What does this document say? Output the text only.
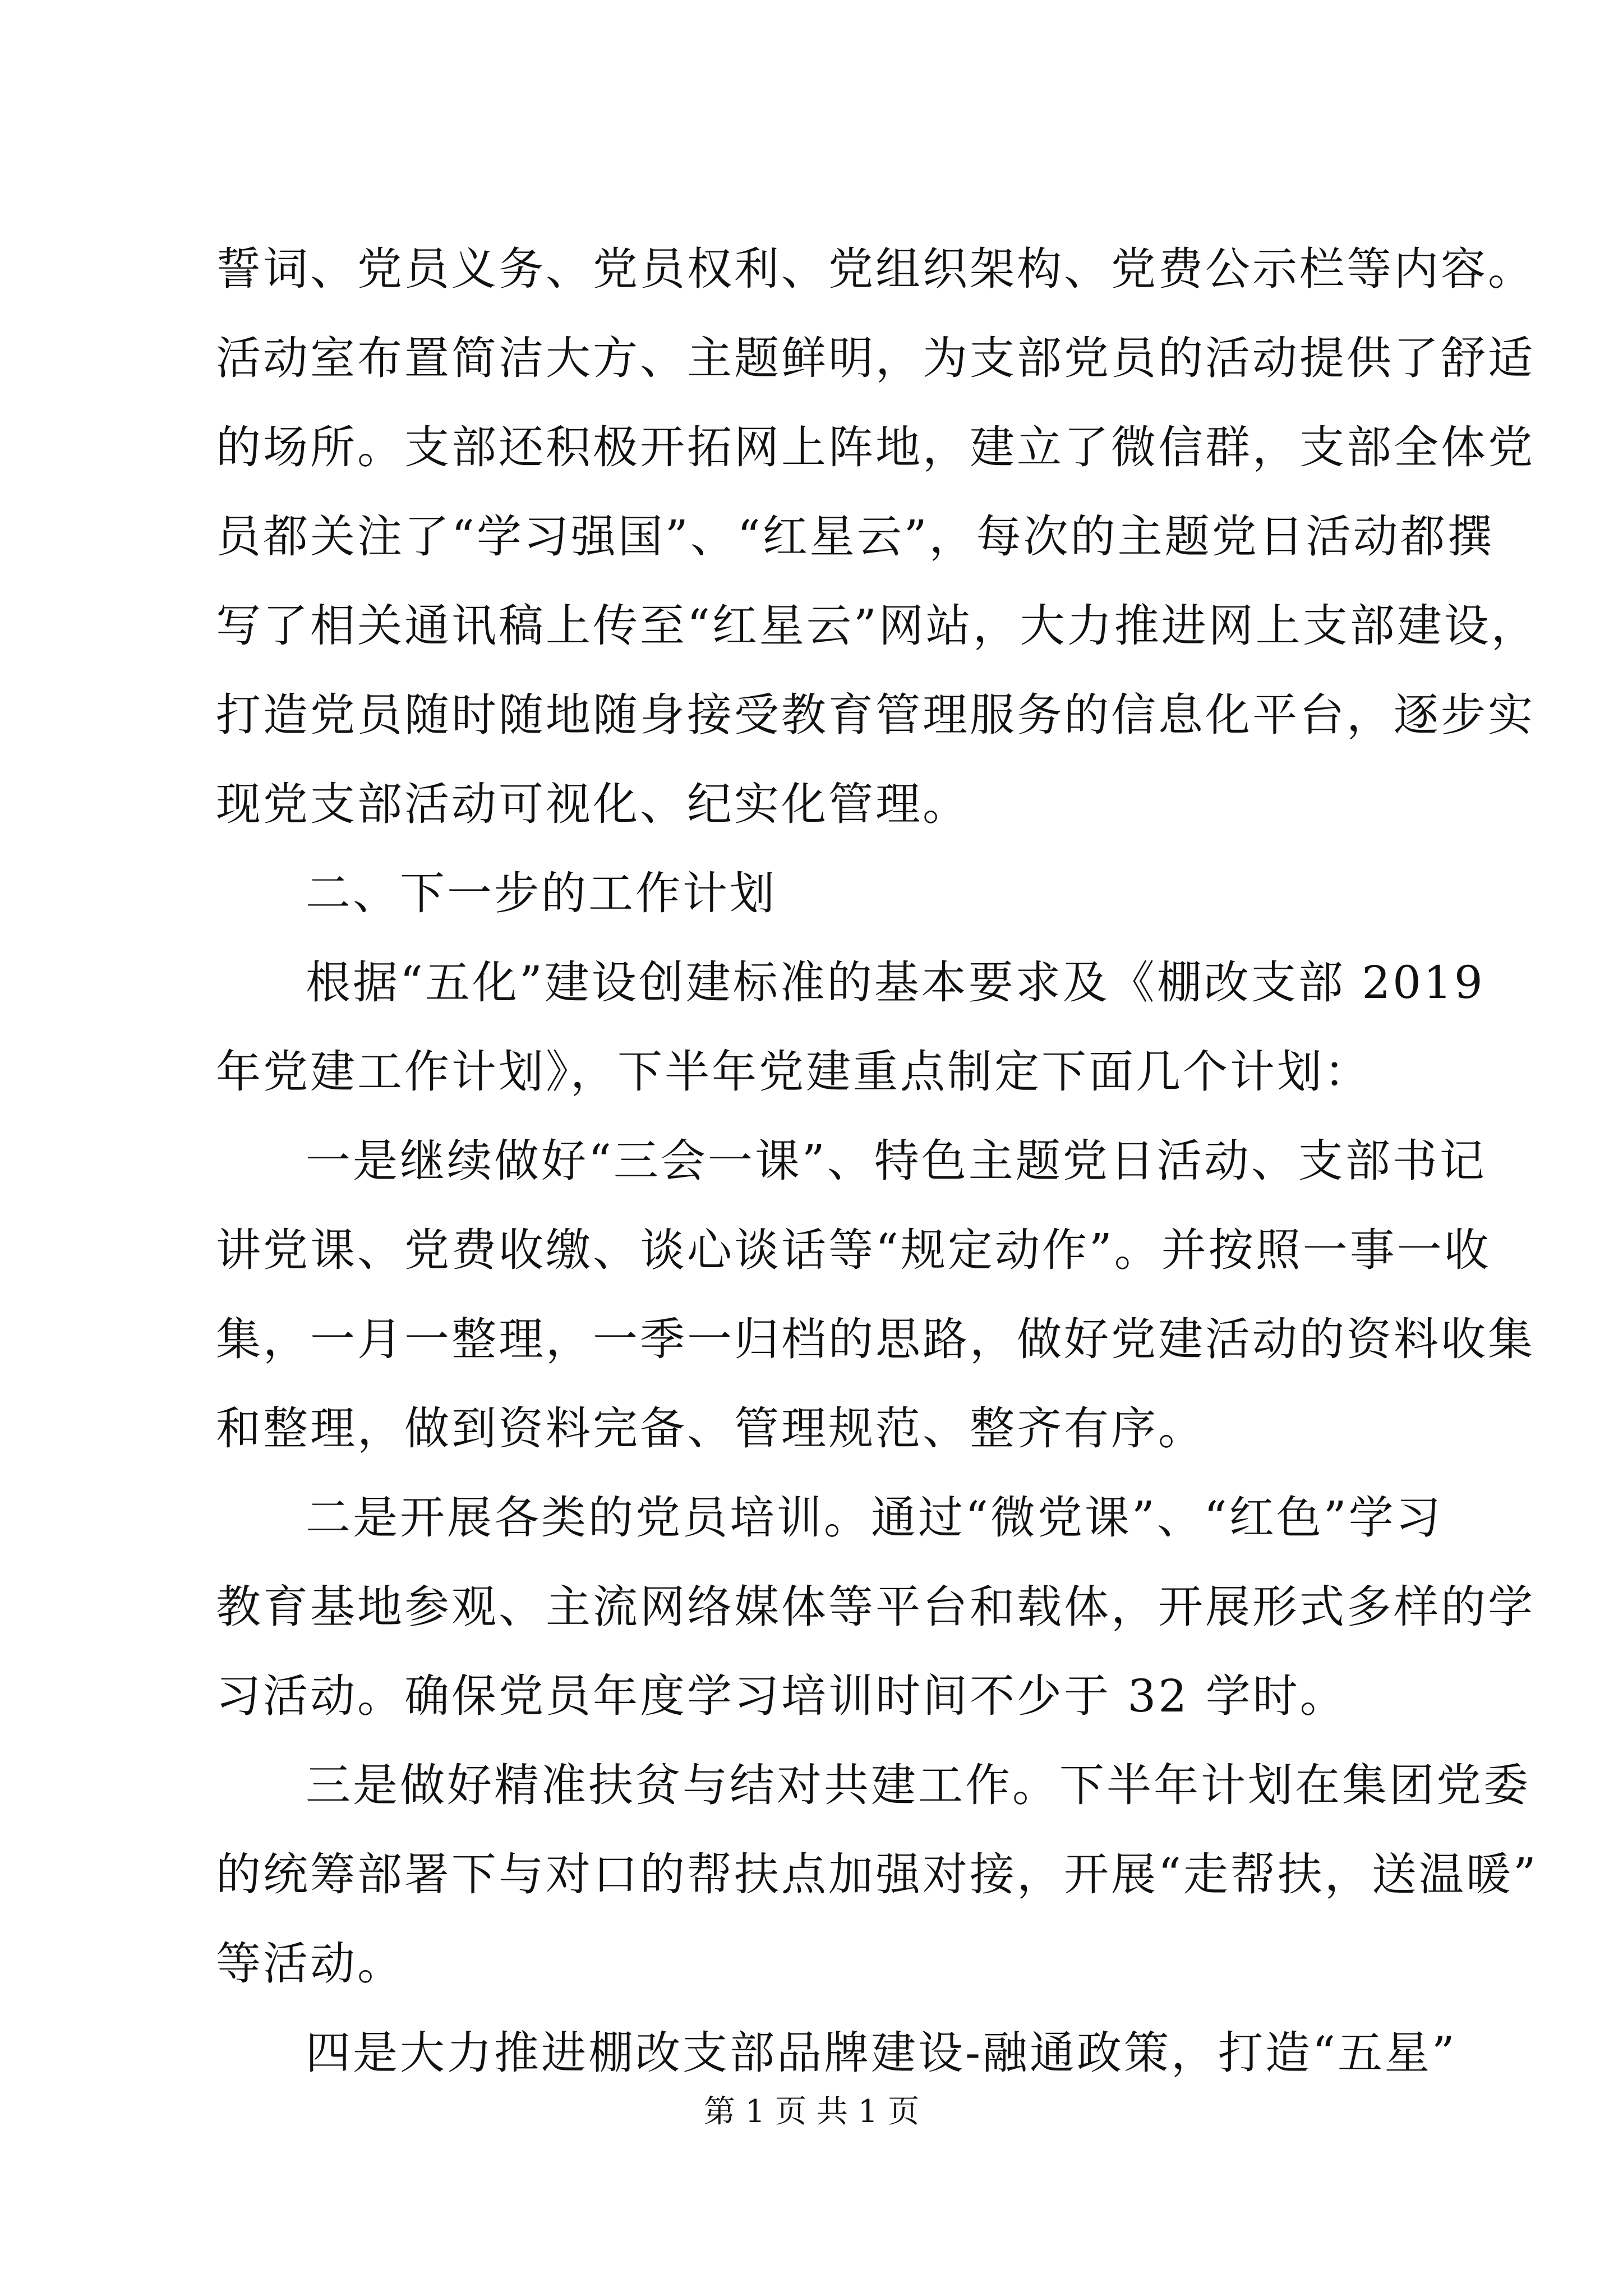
誓词、党员义务、党员权利、党组织架构、党费公示栏等内容。
活动室布置简洁大方、主题鲜明，为支部党员的活动提供了舒适
的场所。支部还积极开拓网上阵地，建立了微信群，支部全体党
员都关注了“学习强国”、“红星云”，每次的主题党日活动都撰
写了相关通讯稿上传至“红星云”网站，大力推进网上支部建设，
打造党员随时随地随身接受教育管理服务的信息化平台，逐步实
现党支部活动可视化、纪实化管理。
二、下一步的工作计划
根据“五化”建设创建标准的基本要求及《棚改支部 2019
年党建工作计划》，下半年党建重点制定下面几个计划：
一是继续做好“三会一课”、特色主题党日活动、支部书记
讲党课、党费收缴、谈心谈话等“规定动作”。并按照一事一收
集，一月一整理，一季一归档的思路，做好党建活动的资料收集
和整理，做到资料完备、管理规范、整齐有序。
二是开展各类的党员培训。通过“微党课”、“红色”学习
教育基地参观、主流网络媒体等平台和载体，开展形式多样的学
习活动。确保党员年度学习培训时间不少于 32 学时。
三是做好精准扶贫与结对共建工作。下半年计划在集团党委
的统筹部署下与对口的帮扶点加强对接，开展“走帮扶，送温暖”
等活动。
四是大力推进棚改支部品牌建设-融通政策，打造“五星”
第 1 页 共 1 页
